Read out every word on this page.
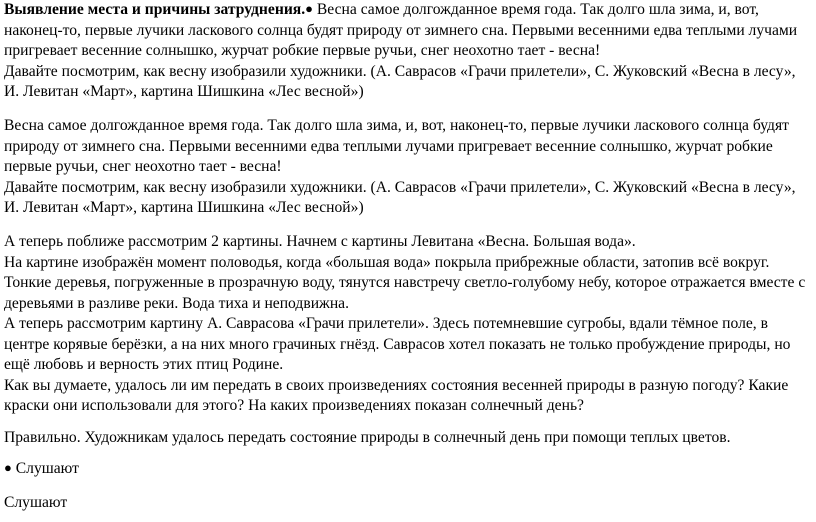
Выявление места и причины затруднения.● Весна самое долгожданное время года. Так долго шла зима, и, вот,
наконец-то, первые лучики ласкового солнца будят природу от зимнего сна. Первыми весенними едва теплыми лучами
пригревает весенние солнышко, журчат робкие первые ручьи, снег неохотно тает - весна!
Давайте посмотрим, как весну изобразили художники. (А. Саврасов «Грачи прилетели», С. Жуковский «Весна в лесу»,
И. Левитан «Март», картина Шишкина «Лес весной»)
Весна самое долгожданное время года. Так долго шла зима, и, вот, наконец-то, первые лучики ласкового солнца будят
природу от зимнего сна. Первыми весенними едва теплыми лучами пригревает весенние солнышко, журчат робкие
первые ручьи, снег неохотно тает - весна!
Давайте посмотрим, как весну изобразили художники. (А. Саврасов «Грачи прилетели», С. Жуковский «Весна в лесу»,
И. Левитан «Март», картина Шишкина «Лес весной»)
А теперь поближе рассмотрим 2 картины. Начнем с картины Левитана «Весна. Большая вода».
На картине изображён момент половодья, когда «большая вода» покрыла прибрежные области, затопив всё вокруг.
Тонкие деревья, погруженные в прозрачную воду, тянутся навстречу светло-голубому небу, которое отражается вместе с
деревьями в разливе реки. Вода тиха и неподвижна.
А теперь рассмотрим картину А. Саврасова «Грачи прилетели». Здесь потемневшие сугробы, вдали тёмное поле, в
центре корявые берёзки, а на них много грачиных гнёзд. Саврасов хотел показать не только пробуждение природы, но
ещё любовь и верность этих птиц Родине.
Как вы думаете, удалось ли им передать в своих произведениях состояния весенней природы в разную погоду? Какие
краски они использовали для этого? На каких произведениях показан солнечный день?
Правильно. Художникам удалось передать состояние природы в солнечный день при помощи теплых цветов.
● Слушают
Слушают
